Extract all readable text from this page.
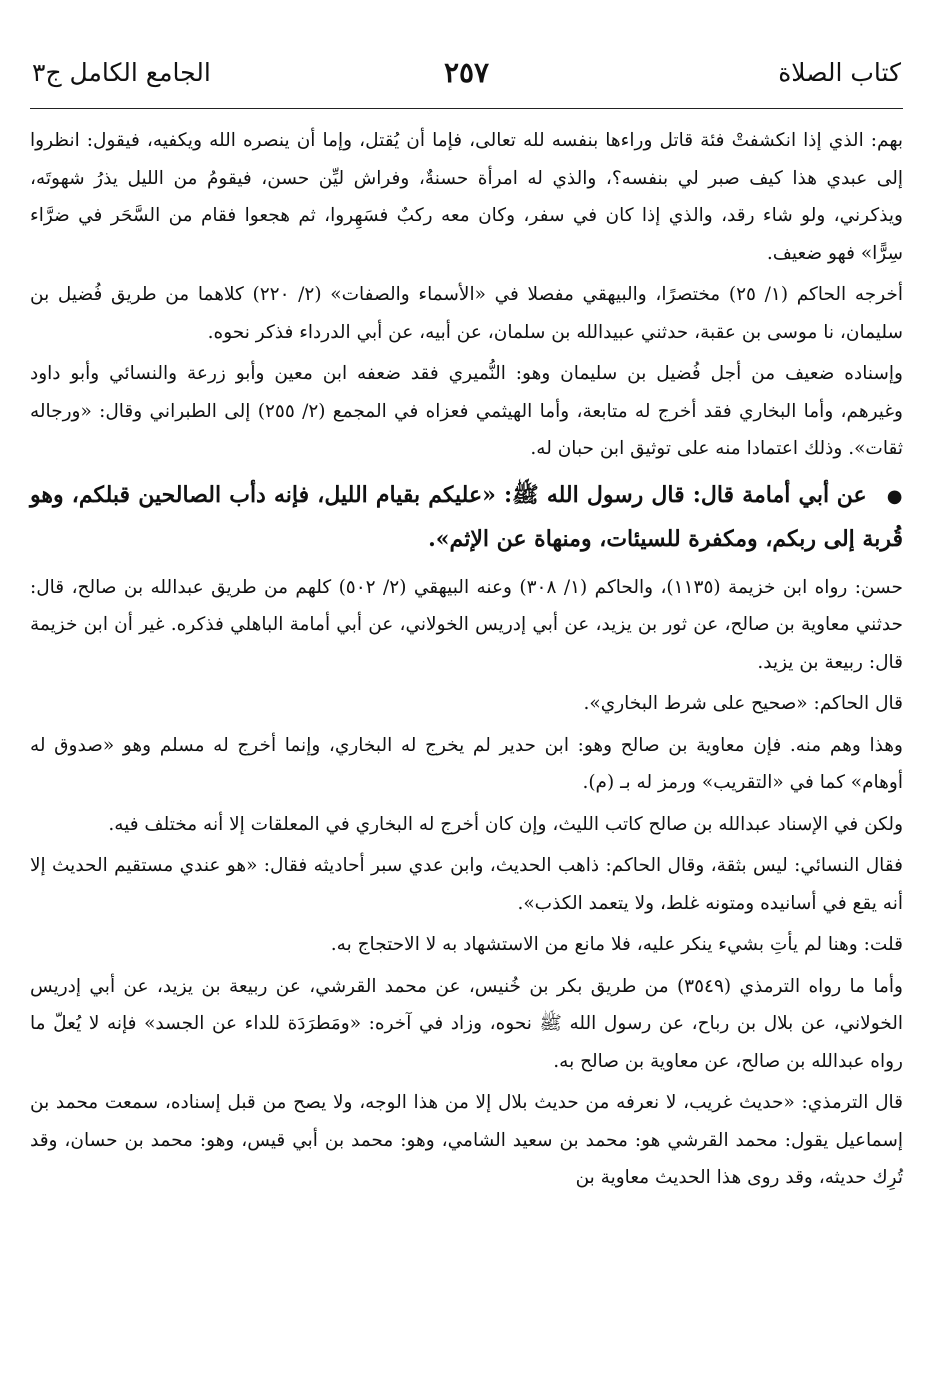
كتاب الصلاة
٢٥٧
الجامع الكامل ج٣

بهم: الذي إذا انكشفتْ فئة قاتل وراءها بنفسه لله تعالى، فإما أن يُقتل، وإما أن ينصره الله ويكفيه، فيقول: انظروا إلى عبدي هذا كيف صبر لي بنفسه؟، والذي له امرأة حسنةٌ، وفراش ليِّن حسن، فيقومُ من الليل يذرُ شهوتَه، ويذكرني، ولو شاء رقد، والذي إذا كان في سفر، وكان معه ركبٌ فسَهِروا، ثم هجعوا فقام من السَّحَر في ضرَّاء سِرًّا» فهو ضعيف.

أخرجه الحاكم (١/ ٢٥) مختصرًا، والبيهقي مفصلا في «الأسماء والصفات» (٢/ ٢٢٠) كلاهما من طريق فُضيل بن سليمان، نا موسى بن عقبة، حدثني عبيدالله بن سلمان، عن أبيه، عن أبي الدرداء فذكر نحوه.

وإسناده ضعيف من أجل فُضيل بن سليمان وهو: النُّميري فقد ضعفه ابن معين وأبو زرعة والنسائي وأبو داود وغيرهم، وأما البخاري فقد أخرج له متابعة، وأما الهيثمي فعزاه في المجمع (٢/ ٢٥٥) إلى الطبراني وقال: «ورجاله ثقات». وذلك اعتمادا منه على توثيق ابن حبان له.

● عن أبي أمامة قال: قال رسول الله ﷺ: «عليكم بقيام الليل، فإنه دأب الصالحين قبلكم، وهو قُربة إلى ربكم، ومكفرة للسيئات، ومنهاة عن الإثم».

حسن: رواه ابن خزيمة (١١٣٥)، والحاكم (١/ ٣٠٨) وعنه البيهقي (٢/ ٥٠٢) كلهم من طريق عبدالله بن صالح، قال: حدثني معاوية بن صالح، عن ثور بن يزيد، عن أبي إدريس الخولاني، عن أبي أمامة الباهلي فذكره. غير أن ابن خزيمة قال: ربيعة بن يزيد.

قال الحاكم: «صحيح على شرط البخاري».

وهذا وهم منه. فإن معاوية بن صالح وهو: ابن حدير لم يخرج له البخاري، وإنما أخرج له مسلم وهو «صدوق له أوهام» كما في «التقريب» ورمز له بـ (م).

ولكن في الإسناد عبدالله بن صالح كاتب الليث، وإن كان أخرج له البخاري في المعلقات إلا أنه مختلف فيه.

فقال النسائي: ليس بثقة، وقال الحاكم: ذاهب الحديث، وابن عدي سبر أحاديثه فقال: «هو عندي مستقيم الحديث إلا أنه يقع في أسانيده ومتونه غلط، ولا يتعمد الكذب».

قلت: وهنا لم يأتِ بشيء ينكر عليه، فلا مانع من الاستشهاد به لا الاحتجاج به.

وأما ما رواه الترمذي (٣٥٤٩) من طريق بكر بن خُنيس، عن محمد القرشي، عن ربيعة بن يزيد، عن أبي إدريس الخولاني، عن بلال بن رباح، عن رسول الله ﷺ نحوه، وزاد في آخره: «ومَطرَدَة للداء عن الجسد» فإنه لا يُعلّ ما رواه عبدالله بن صالح، عن معاوية بن صالح به.

قال الترمذي: «حديث غريب، لا نعرفه من حديث بلال إلا من هذا الوجه، ولا يصح من قبل إسناده، سمعت محمد بن إسماعيل يقول: محمد القرشي هو: محمد بن سعيد الشامي، وهو: محمد بن أبي قيس، وهو: محمد بن حسان، وقد تُرِك حديثه، وقد روى هذا الحديث معاوية بن
